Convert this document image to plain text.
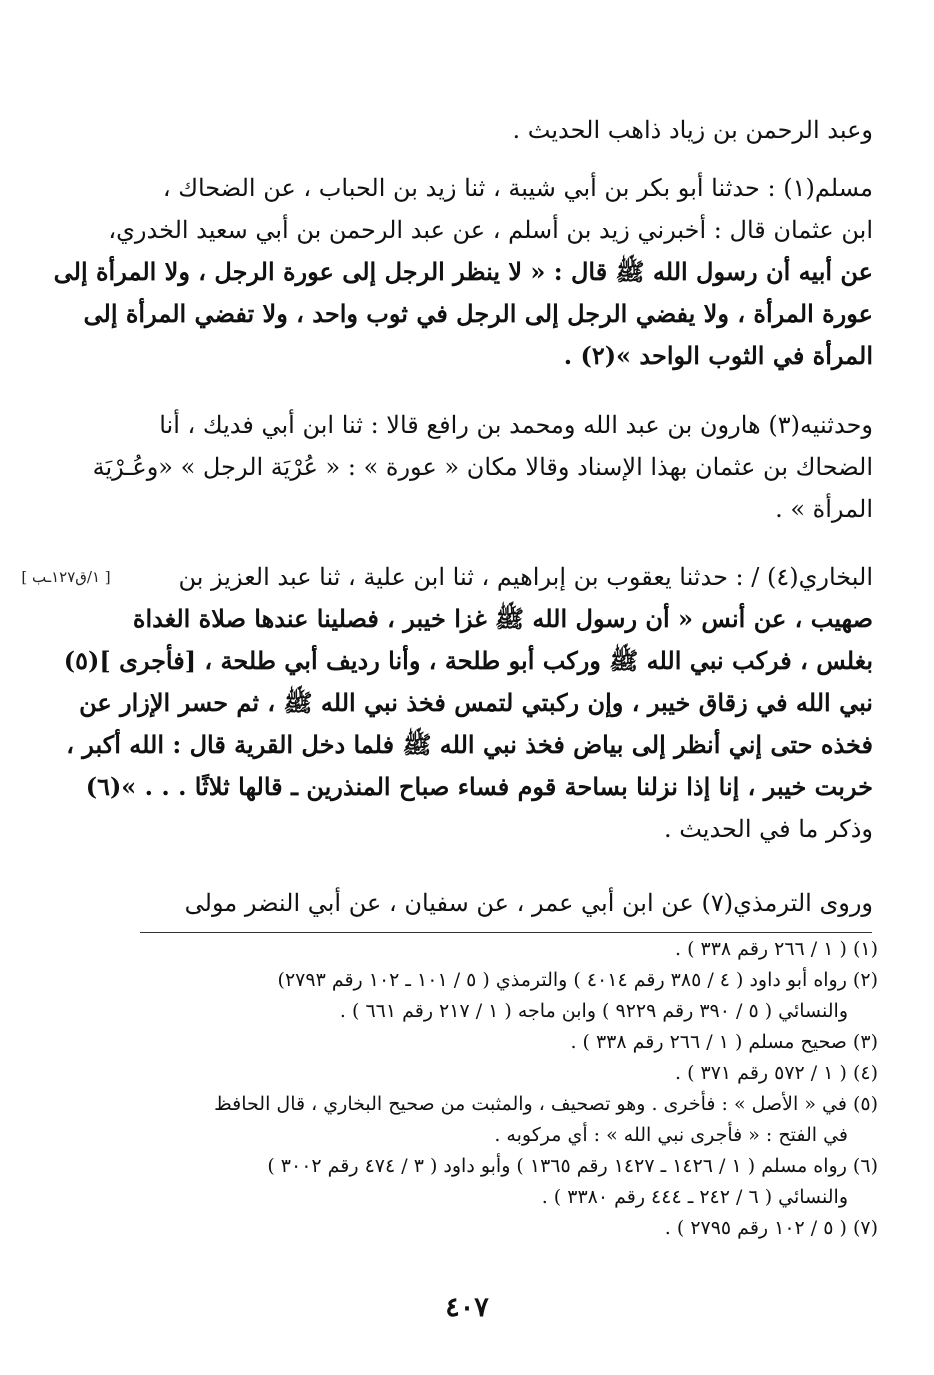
وعبد الرحمن بن زياد ذاهب الحديث .
مسلم(١) : حدثنا أبو بكر بن أبي شيبة ، ثنا زيد بن الحباب ، عن الضحاك ،
ابن عثمان قال : أخبرني زيد بن أسلم ، عن عبد الرحمن بن أبي سعيد الخدري،
عن أبيه أن رسول الله ﷺ قال : « لا ينظر الرجل إلى عورة الرجل ، ولا المرأة إلى
عورة المرأة ، ولا يفضي الرجل إلى الرجل في ثوب واحد ، ولا تفضي المرأة إلى
المرأة في الثوب الواحد »(٢) .
وحدثنيه(٣) هارون بن عبد الله ومحمد بن رافع قالا : ثنا ابن أبي فديك ، أنا
الضحاك بن عثمان بهذا الإسناد وقالا مكان « عورة » : « عُرْيَة الرجل » «وعُـرْيَة
المرأة » .
البخاري(٤) / : حدثنا يعقوب بن إبراهيم ، ثنا ابن علية ، ثنا عبد العزيز بن
صهيب ، عن أنس « أن رسول الله ﷺ غزا خيبر ، فصلينا عندها صلاة الغداة
بغلس ، فركب نبي الله ﷺ وركب أبو طلحة ، وأنا رديف أبي طلحة ، [فأجرى ](٥)
نبي الله في زقاق خيبر ، وإن ركبتي لتمس فخذ نبي الله ﷺ ، ثم حسر الإزار عن
فخذه حتى إني أنظر إلى بياض فخذ نبي الله ﷺ فلما دخل القرية قال : الله أكبر ،
خربت خيبر ، إنا إذا نزلنا بساحة قوم فساء صباح المنذرين ـ قالها ثلاثًا . . . »(٦)
وذكر ما في الحديث .
وروى الترمذي(٧) عن ابن أبي عمر ، عن سفيان ، عن أبي النضر مولى
[ ١/ق١٢٧ـب ]
(١) ( ١ / ٢٦٦ رقم ٣٣٨ ) .
(٢) رواه أبو داود ( ٤ / ٣٨٥ رقم ٤٠١٤ ) والترمذي ( ٥ / ١٠١ ـ ١٠٢ رقم ٢٧٩٣)
والنسائي ( ٥ / ٣٩٠ رقم ٩٢٢٩ ) وابن ماجه ( ١ / ٢١٧ رقم ٦٦١ ) .
(٣) صحيح مسلم ( ١ / ٢٦٦ رقم ٣٣٨ ) .
(٤) ( ١ / ٥٧٢ رقم ٣٧١ ) .
(٥) في « الأصل » : فأخرى . وهو تصحيف ، والمثبت من صحيح البخاري ، قال الحافظ
في الفتح : « فأجرى نبي الله » : أي مركوبه .
(٦) رواه مسلم ( ١ / ١٤٢٦ ـ ١٤٢٧ رقم ١٣٦٥ ) وأبو داود ( ٣ / ٤٧٤ رقم ٣٠٠٢ )
والنسائي ( ٦ / ٢٤٢ ـ ٤٤٤ رقم ٣٣٨٠ ) .
(٧) ( ٥ / ١٠٢ رقم ٢٧٩٥ ) .
٤٠٧
